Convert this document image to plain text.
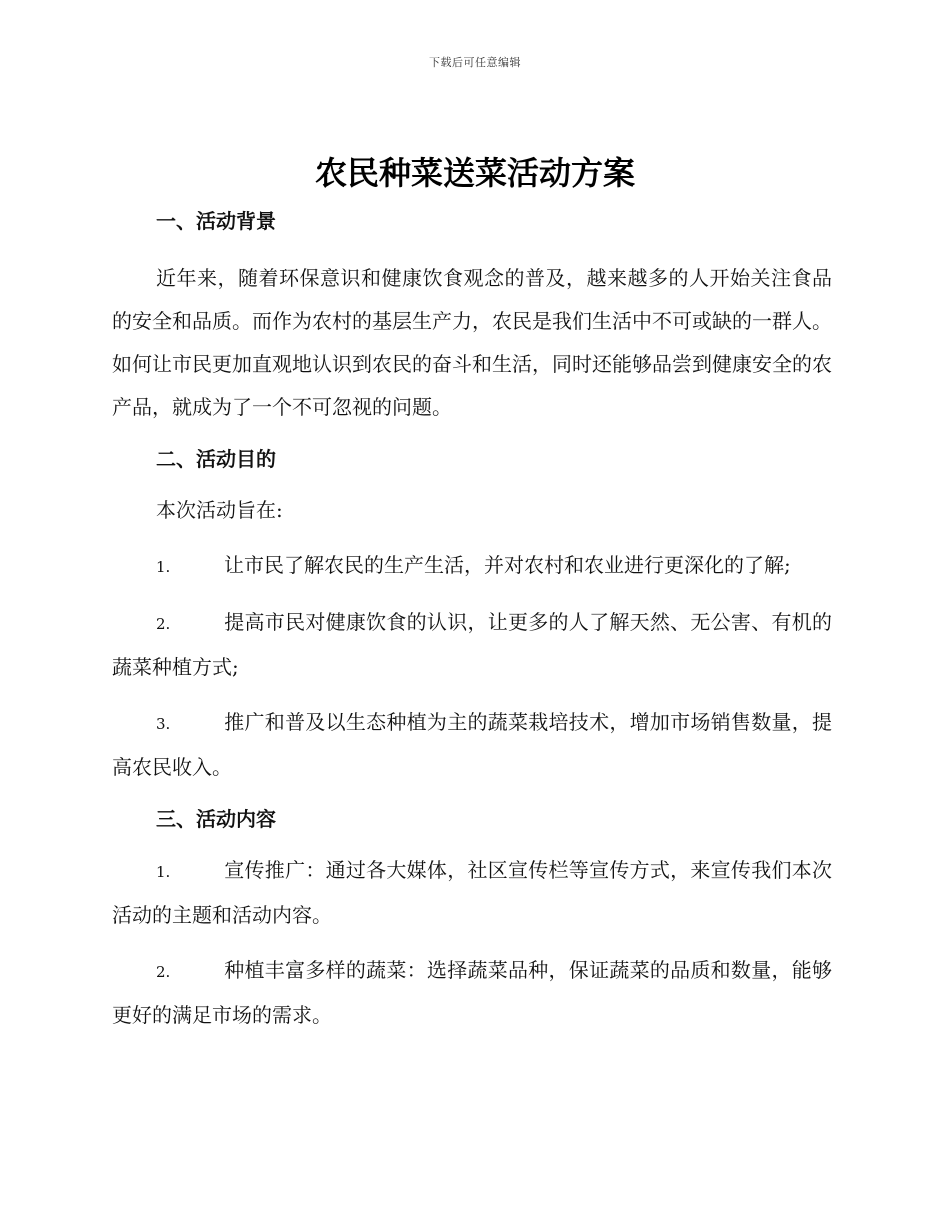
下载后可任意编辑
农民种菜送菜活动方案
一、活动背景

近年来，随着环保意识和健康饮食观念的普及，越来越多的人开始关注食品的安全和品质。而作为农村的基层生产力，农民是我们生活中不可或缺的一群人。如何让市民更加直观地认识到农民的奋斗和生活，同时还能够品尝到健康安全的农产品，就成为了一个不可忽视的问题。

二、活动目的

本次活动旨在:

1.	让市民了解农民的生产生活，并对农村和农业进行更深化的了解;

2.	提高市民对健康饮食的认识，让更多的人了解天然、无公害、有机的蔬菜种植方式;

3.	推广和普及以生态种植为主的蔬菜栽培技术，增加市场销售数量，提高农民收入。

三、活动内容

1.	宣传推广：通过各大媒体，社区宣传栏等宣传方式，来宣传我们本次活动的主题和活动内容。

2.	种植丰富多样的蔬菜：选择蔬菜品种，保证蔬菜的品质和数量，能够更好的满足市场的需求。
